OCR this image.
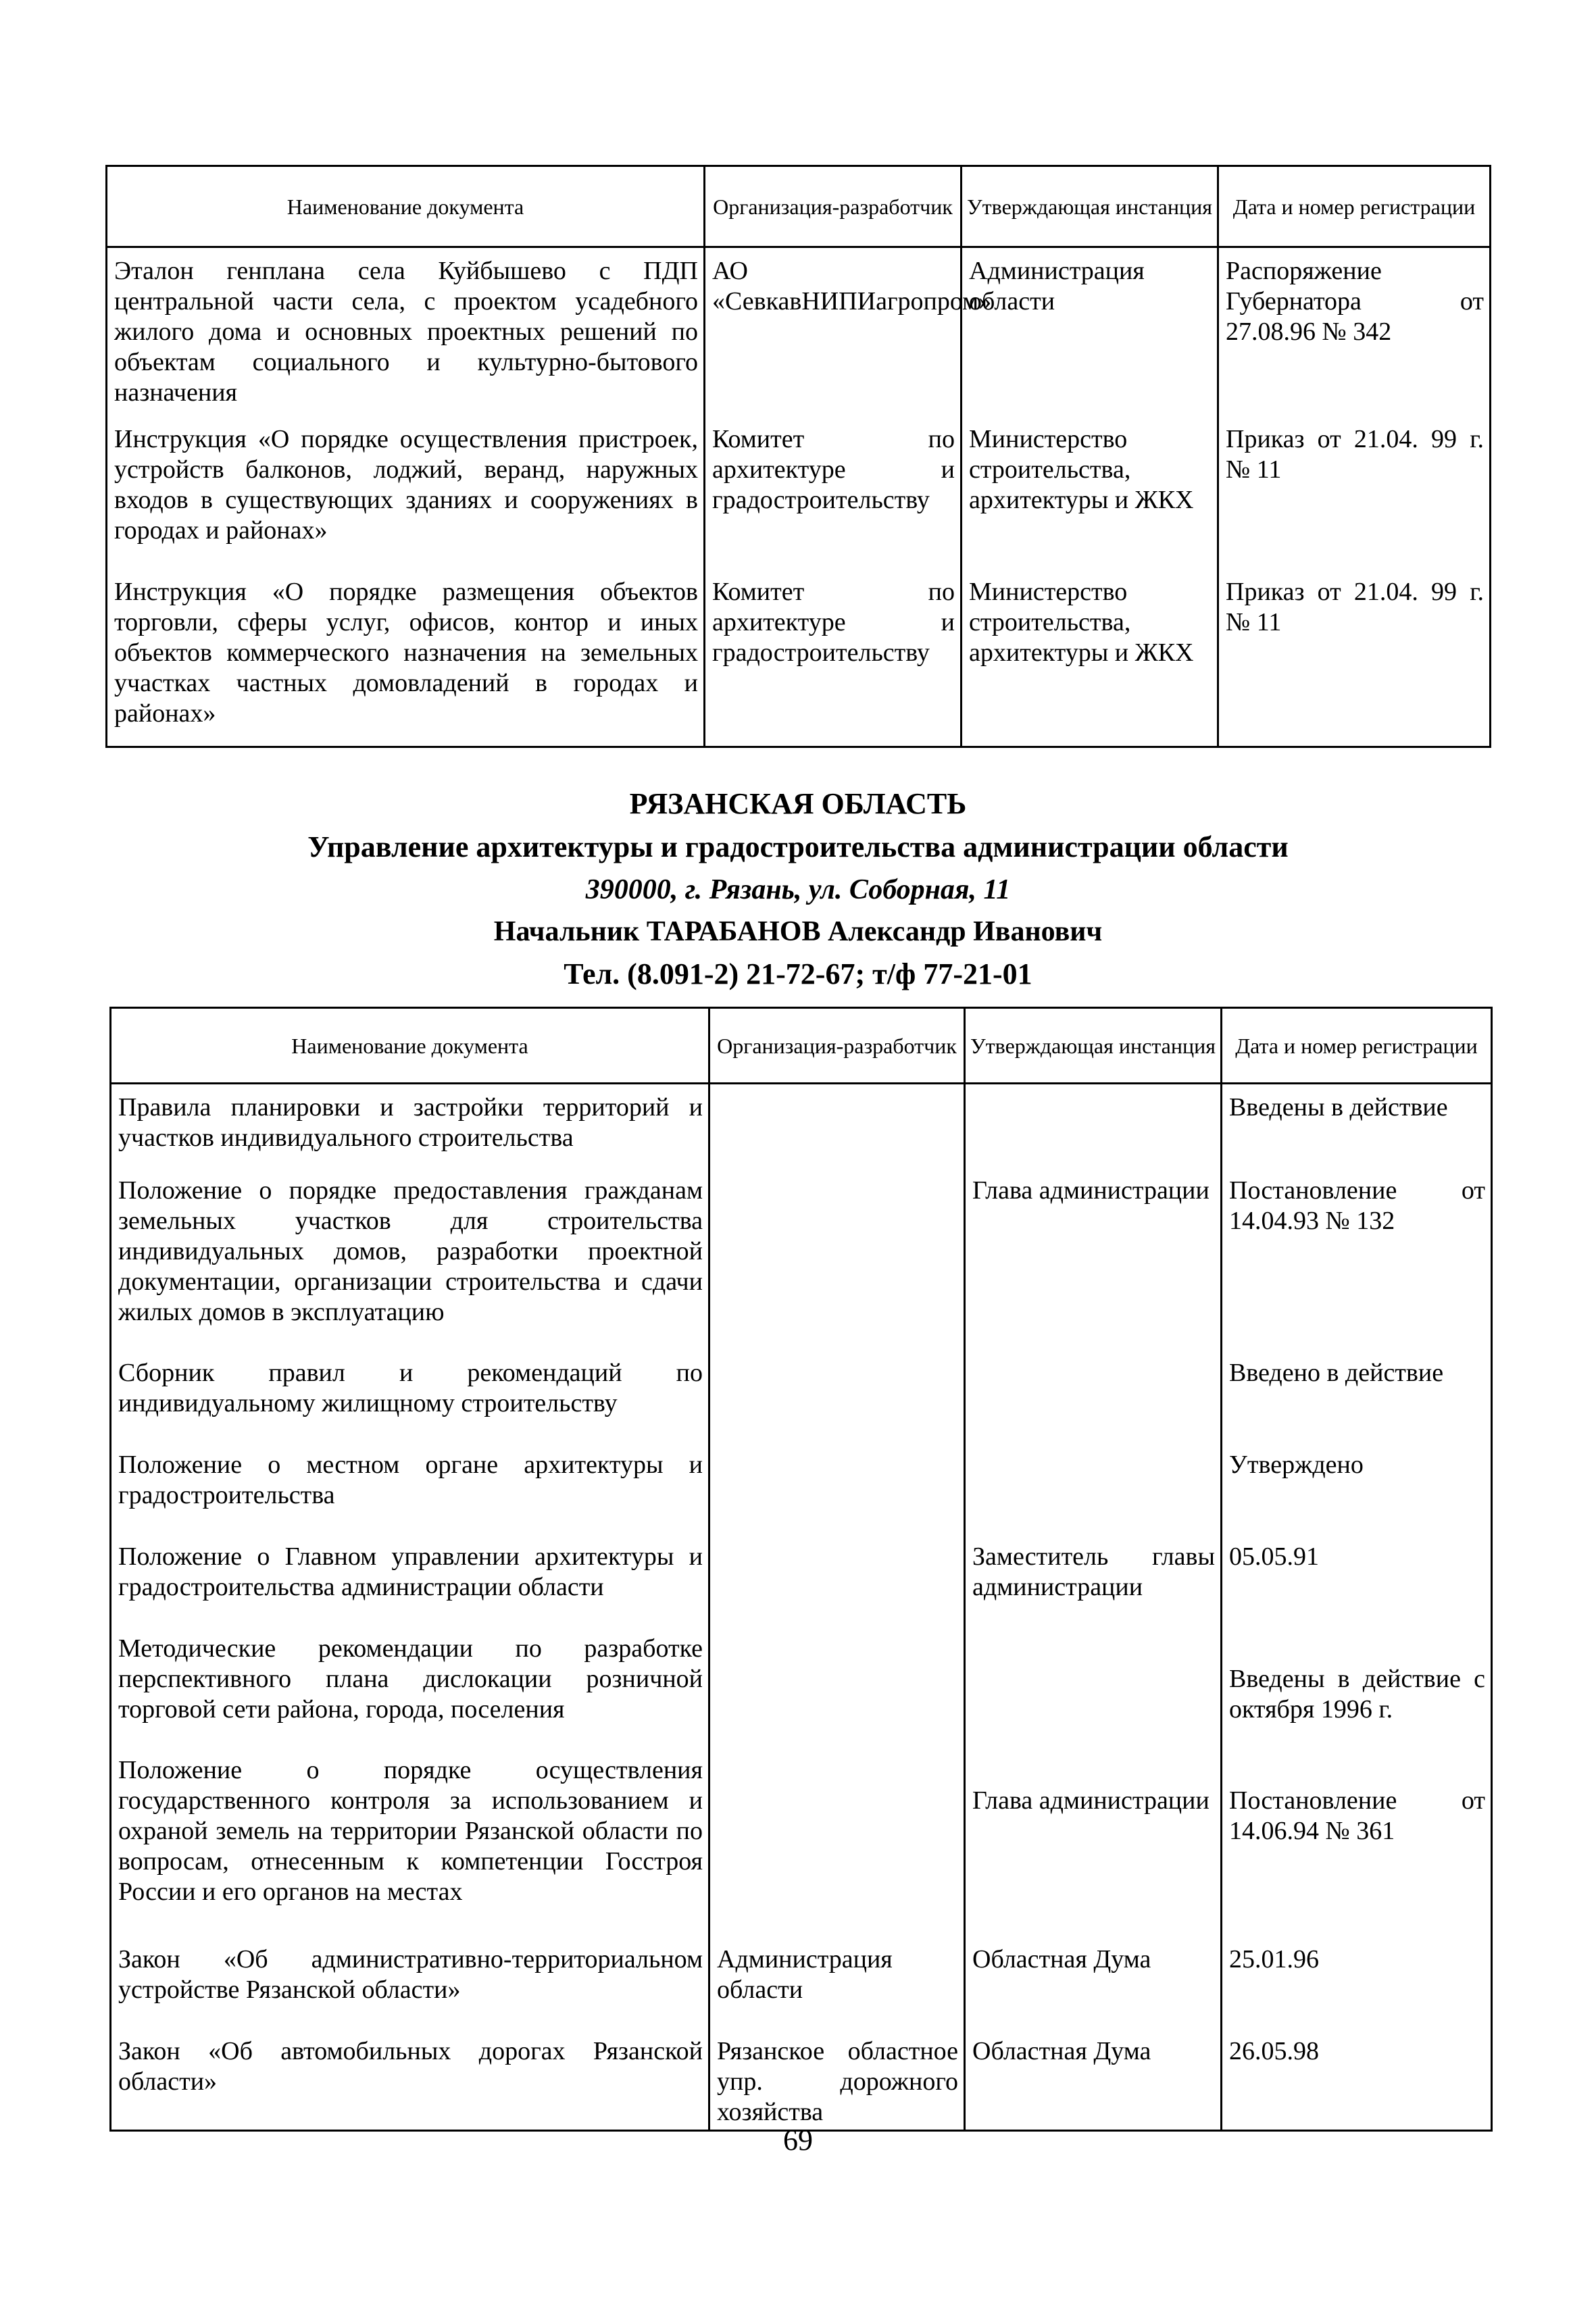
Наименование документа	Организация-разработчик	Утверждающая инстанция	Дата и номер регистрации
Эталон генплана села Куйбышево с ПДП центральной части села, с проектом усадебного жилого дома и основных проектных решений по объектам социального и культурно-бытового назначения	АО «СевкавНИПИагропром»	Администрация области	Распоряжение Губернатора от 27.08.96 № 342
Инструкция «О порядке осуществления пристроек, устройств балконов, лоджий, веранд, наружных входов в существующих зданиях и сооружениях в городах и районах»	Комитет по архитектуре и градостроительству	Министерство строительства, архитектуры и ЖКХ	Приказ от 21.04. 99 г. № 11
Инструкция «О порядке размещения объектов торговли, сферы услуг, офисов, контор и иных объектов коммерческого назначения на земельных участках частных домовладений в городах и районах»	Комитет по архитектуре и градостроительству	Министерство строительства, архитектуры и ЖКХ	Приказ от 21.04. 99 г. № 11
РЯЗАНСКАЯ ОБЛАСТЬ
Управление архитектуры и градостроительства администрации области
390000, г. Рязань, ул. Соборная, 11
Начальник ТАРАБАНОВ Александр Иванович
Тел. (8.091-2) 21-72-67; т/ф 77-21-01
Наименование документа	Организация-разработчик	Утверждающая инстанция	Дата и номер регистрации
Правила планировки и застройки территорий и участков индивидуального строительства			Введены в действие
Положение о порядке предоставления гражданам земельных участков для строительства индивидуальных домов, разработки проектной документации, организации строительства и сдачи жилых домов в эксплуатацию		Глава администрации	Постановление от 14.04.93 № 132
Сборник правил и рекомендаций по индивидуальному жилищному строительству			Введено в действие
Положение о местном органе архитектуры и градостроительства			Утверждено
Положение о Главном управлении архитектуры и градостроительства администрации области		Заместитель главы администрации	05.05.91
Методические рекомендации по разработке перспективного плана дислокации розничной торговой сети района, города, поселения			Введены в действие с октября 1996 г.
Положение о порядке осуществления государственного контроля за использованием и охраной земель на территории Рязанской области по вопросам, отнесенным к компетенции Госстроя России и его органов на местах		Глава администрации	Постановление от 14.06.94 № 361
Закон «Об административно-территориальном устройстве Рязанской области»	Администрация области	Областная Дума	25.01.96
Закон «Об автомобильных дорогах Рязанской области»	Рязанское областное упр. дорожного хозяйства	Областная Дума	26.05.98
69
